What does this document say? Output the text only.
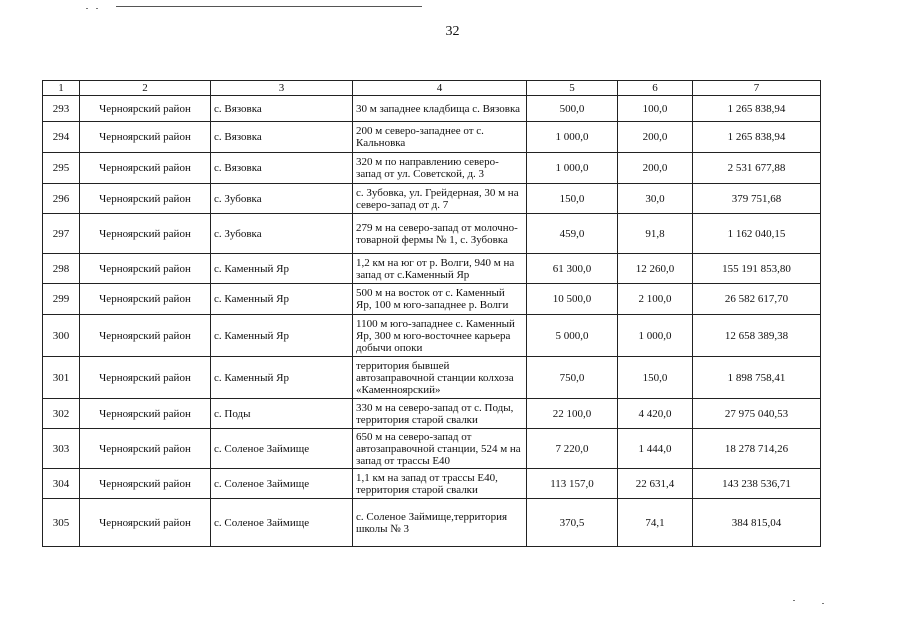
32
1	2	3	4	5	6	7
293	Черноярский район	с. Вязовка	30 м западнее кладбища с. Вязовка	500,0	100,0	1 265 838,94
294	Черноярский район	с. Вязовка	200 м северо-западнее от с. Кальновка	1 000,0	200,0	1 265 838,94
295	Черноярский район	с. Вязовка	320 м по направлению северо-запад от ул. Советской, д. 3	1 000,0	200,0	2 531 677,88
296	Черноярский район	с. Зубовка	с. Зубовка, ул. Грейдерная, 30 м на северо-запад от д. 7	150,0	30,0	379 751,68
297	Черноярский район	с. Зубовка	279 м на северо-запад от молочно-товарной фермы № 1, с. Зубовка	459,0	91,8	1 162 040,15
298	Черноярский район	с. Каменный Яр	1,2 км на юг от р. Волги, 940 м на запад от с.Каменный Яр	61 300,0	12 260,0	155 191 853,80
299	Черноярский район	с. Каменный Яр	500 м на восток от с. Каменный Яр, 100 м юго-западнее р. Волги	10 500,0	2 100,0	26 582 617,70
300	Черноярский район	с. Каменный Яр	1100 м юго-западнее с. Каменный Яр, 300 м юго-восточнее карьера добычи опоки	5 000,0	1 000,0	12 658 389,38
301	Черноярский район	с. Каменный Яр	территория бывшей автозаправочной станции колхоза «Каменноярский»	750,0	150,0	1 898 758,41
302	Черноярский район	с. Поды	330 м на северо-запад от с. Поды, территория старой свалки	22 100,0	4 420,0	27 975 040,53
303	Черноярский район	с. Соленое Займище	650 м на северо-запад от автозаправочной станции, 524 м на запад от трассы Е40	7 220,0	1 444,0	18 278 714,26
304	Черноярский район	с. Соленое Займище	1,1 км на запад от трассы Е40, территория старой свалки	113 157,0	22 631,4	143 238 536,71
305	Черноярский район	с. Соленое Займище	с. Соленое Займище,территория школы № 3	370,5	74,1	384 815,04
